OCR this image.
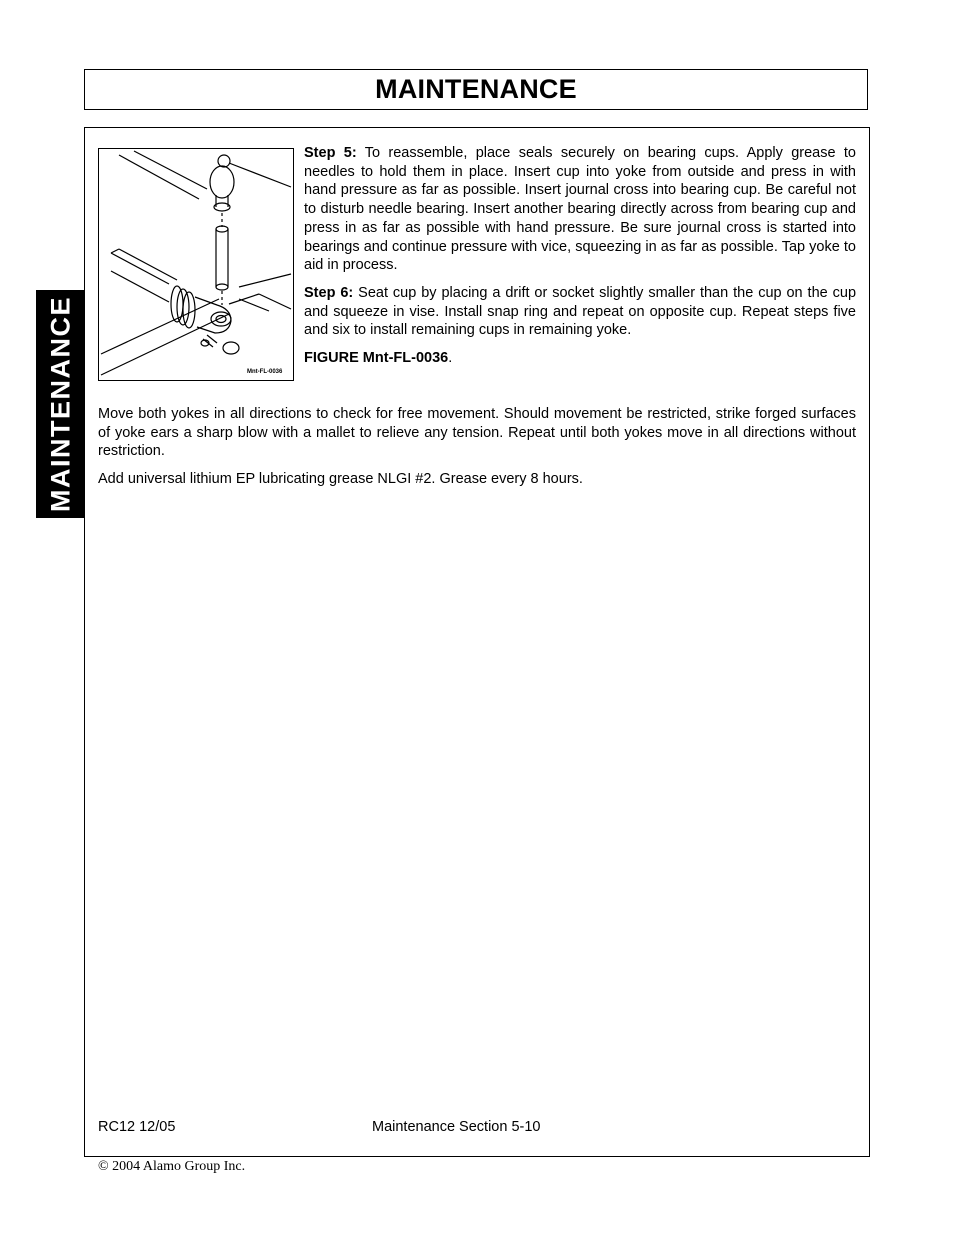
MAINTENANCE
MAINTENANCE	Mnt-FL-0036

Step 5: To reassemble, place seals securely on bearing cups. Apply grease to needles to hold them in place. Insert cup into yoke from outside and press in with hand pressure as far as possible. Insert journal cross into bearing cup. Be careful not to disturb needle bearing. Insert another bearing directly across from bearing cup and press in as far as possible with hand pressure. Be sure journal cross is started into bearings and continue pressure with vice, squeezing in as far as possible. Tap yoke to aid in process.

Step 6: Seat cup by placing a drift or socket slightly smaller than the cup on the cup and squeeze in vise. Install snap ring and repeat on opposite cup. Repeat steps five and six to install remaining cups in remaining yoke.

FIGURE Mnt-FL-0036.

Move both yokes in all directions to check for free movement. Should movement be restricted, strike forged surfaces of yoke ears a sharp blow with a mallet to relieve any tension. Repeat until both yokes move in all directions without restriction.

Add universal lithium EP lubricating grease NLGI #2. Grease every 8 hours.

RC12 12/05	Maintenance Section 5-10
© 2004 Alamo Group Inc.
